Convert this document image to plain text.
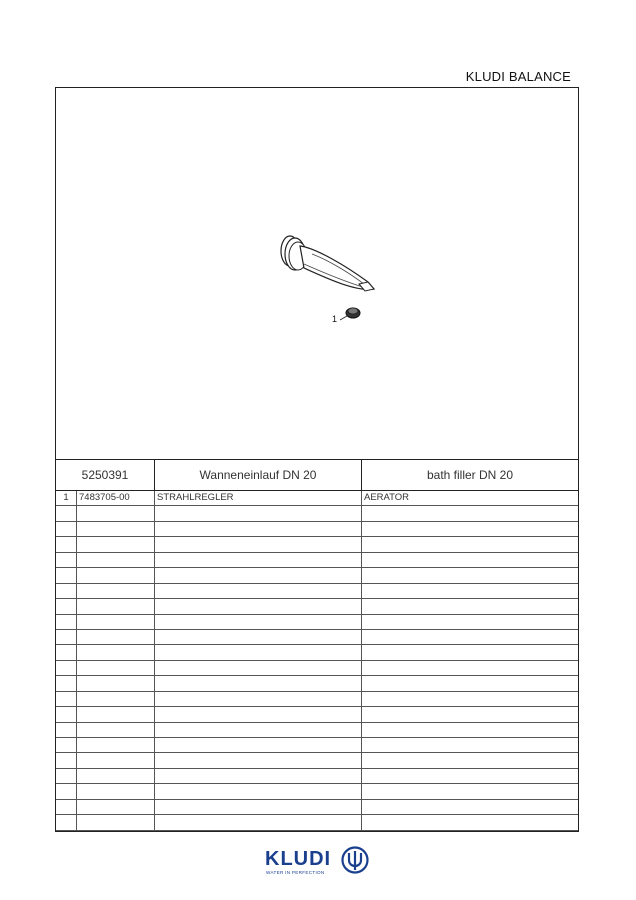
KLUDI BALANCE
1
5250391	Wanneneinlauf DN 20	bath filler DN 20
1	7483705-00	STRAHLREGLER	AERATOR
KLUDI
WATER IN PERFECTION
